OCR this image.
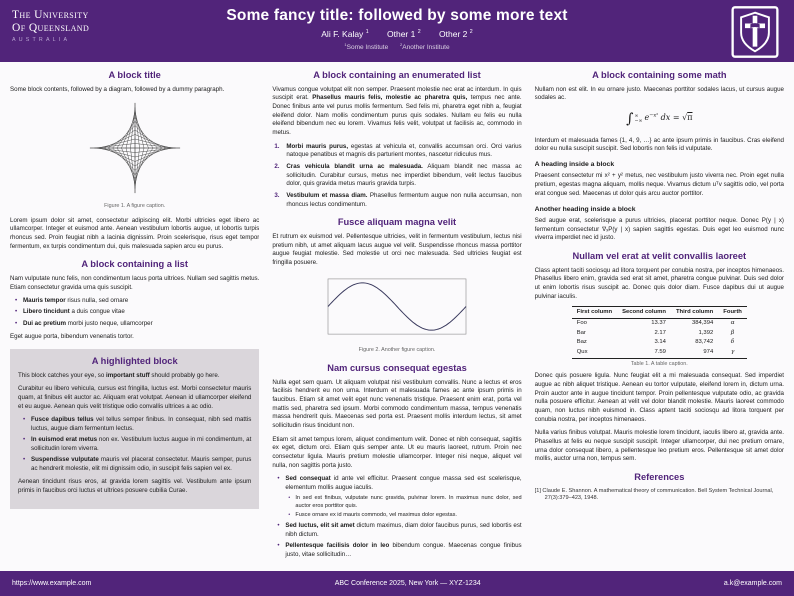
The University
Of Queensland
AUSTRALIA
Some fancy title: followed by some more text
Ali F. Kalay $^1$ Other 1 $^2$ Other 2 $^2$
$^1$Some Institute	$^2$Another Institute
A block title

Some block contents, followed by a diagram, followed by a dummy paragraph.

Figure 1. A figure caption.

Lorem ipsum dolor sit amet, consectetur adipiscing elit. Morbi ultricies eget libero ac ullamcorper. Integer et euismod ante. Aenean vestibulum lobortis augue, ut lobortis turpis rhoncus sed. Proin feugiat nibh a lacinia dignissim. Proin scelerisque, risus eget tempor fermentum, ex turpis condimentum dui, quis malesuada sapien arcu eu purus.

A block containing a list

Nam vulputate nunc felis, non condimentum lacus porta ultrices. Nullam sed sagittis metus. Etiam consectetur gravida urna quis suscipit.

• Mauris tempor risus nulla, sed ornare
• Libero tincidunt a duis congue vitae
• Dui ac pretium morbi justo neque, ullamcorper

Eget augue porta, bibendum venenatis tortor.

A highlighted block

This block catches your eye, so important stuff should probably go here.

Curabitur eu libero vehicula, cursus est fringilla, luctus est. Morbi consectetur mauris quam, at finibus elit auctor ac. Aliquam erat volutpat. Aenean id ullamcorper eleifend et eu augue. Aenean quis velit tristique odio convallis ultrices a ac odio.

• Fusce dapibus tellus vel tellus semper finibus. In consequat, nibh sed mattis luctus, augue diam fermentum lectus.
• In euismod erat metus non ex. Vestibulum luctus augue in mi condimentum, at sollicitudin lorem viverra.
• Suspendisse vulputate mauris vel placerat consectetur. Mauris semper, purus ac hendrerit molestie, elit mi dignissim odio, in suscipit felis sapien vel ex.

Aenean tincidunt risus eros, at gravida lorem sagittis vel. Vestibulum ante ipsum primis in faucibus orci luctus et ultrices posuere cubilia Curae.

A block containing an enumerated list

Vivamus congue volutpat elit non semper. Praesent molestie nec erat ac interdum. In quis suscipit erat. Phasellus mauris felis, molestie ac pharetra quis, tempus nec ante. Donec finibus ante vel purus mollis fermentum. Sed felis mi, pharetra eget nibh a, feugiat eleifend dolor. Nam mollis condimentum purus quis sodales. Nullam eu felis eu nulla eleifend bibendum nec eu lorem. Vivamus felis velit, volutpat ut facilisis ac, commodo in metus.

Morbi mauris purus, egestas at vehicula et, convallis accumsan orci. Orci varius natoque penatibus et magnis dis parturient montes, nascetur ridiculus mus.
Cras vehicula blandit urna ac malesuada. Aliquam blandit nec massa ac sollicitudin. Curabitur cursus, metus nec imperdiet bibendum, velit lectus faucibus dolor, quis gravida metus mauris gravida turpis.
Vestibulum et massa diam. Phasellus fermentum augue non nulla accumsan, non rhoncus lectus condimentum.
Fusce aliquam magna velit

Et rutrum ex euismod vel. Pellentesque ultricies, velit in fermentum vestibulum, lectus nisi pretium nibh, ut amet aliquam lacus augue vel velit. Suspendisse rhoncus massa porttitor augue feugiat molestie. Sed molestie ut orci nec malesuada. Sed ultricies feugiat est fringilla posuere.

Figure 2. Another figure caption.
Nam cursus consequat egestas

Nulla eget sem quam. Ut aliquam volutpat nisi vestibulum convallis. Nunc a lectus et eros facilisis hendrerit eu non urna. Interdum et malesuada fames ac ante ipsum primis in faucibus. Etiam sit amet velit eget nunc venenatis tristique. Praesent enim erat, porta vel mattis sed, pharetra sed ipsum. Morbi commodo condimentum massa, tempus venenatis massa hendrerit quis. Maecenas sed porta est. Praesent mollis interdum lectus, sit amet sollicitudin risus tincidunt non.

Etiam sit amet tempus lorem, aliquet condimentum velit. Donec et nibh consequat, sagittis ex eget, dictum orci. Etiam quis semper ante. Ut eu mauris laoreet, rutrum. Proin nec consectetur ligula. Mauris pretium molestie ullamcorper. Integer nisi neque, aliquet vel nulla, non sagittis porta justo.

• Sed consequat id ante vel efficitur. Praesent congue massa sed est scelerisque, elementum mollis augue iaculis.
• In sed est finibus, vulputate nunc gravida, pulvinar lorem. In maximus nunc dolor, sed auctor eros porttitor quis.
• Fusce ornare ex id mauris commodo, vel maximus dolor egestas.
• Sed luctus, elit sit amet dictum maximus, diam dolor faucibus purus, sed lobortis est nibh dictum.
• Pellentesque facilisis dolor in leo bibendum congue. Maecenas congue finibus justo, vitae sollicitudin…
A block containing some math

Nullam non est elit. In eu ornare justo. Maecenas porttitor sodales lacus, ut cursus augue sodales ac.

∫ ∞
−∞ $e^{-x^2}$ dx = √π

Interdum et malesuada fames {1, 4, 9, …} ac ante ipsum primis in faucibus. Cras eleifend dolor eu nulla suscipit suscipit. Sed lobortis non felis id vulputate.

A heading inside a block

Praesent consectetur mi x² + y² metus, nec vestibulum justo viverra nec. Proin eget nulla pretium, egestas magna aliquam, mollis neque. Vivamus dictum uᵀv sagittis odio, vel porta erat congue sed. Maecenas ut dolor quis arcu auctor porttitor.

Another heading inside a block

Sed augue erat, scelerisque a purus ultricies, placerat porttitor neque. Donec P(y | x) fermentum consectetur ∇ₓP(y | x) sapien sagittis egestas. Duis eget leo euismod nunc viverra imperdiet nec id justo.

Nullam vel erat at velit convallis laoreet

Class aptent taciti sociosqu ad litora torquent per conubia nostra, per inceptos himenaeos. Phasellus libero enim, gravida sed erat sit amet, pharetra congue pulvinar. Duis sed dolor ut enim lobortis risus suscipit ac. Donec quis dolor diam. Fusce dapibus dui ut augue pulvinar iaculis.

First column	Second column	Third column	Fourth
Foo	13.37	384,394	α
Bar	2.17	1,392	β
Baz	3.14	83,742	δ
Qux	7.59	974	γ
Table 1. A table caption.

Donec quis posuere ligula. Nunc feugiat elit a mi malesuada consequat. Sed imperdiet augue ac nibh aliquet tristique. Aenean eu tortor vulputate, eleifend lorem in, dictum urna. Proin auctor ante in augue tincidunt tempor. Proin pellentesque vulputate odio, ac gravida nulla posuere efficitur. Aenean at velit vel dolor blandit molestie. Mauris laoreet commodo quam, non luctus nibh euismod in. Class aptent taciti sociosqu ad litora torquent per conubia nostra, per inceptos himenaeos.

Nulla varius finibus volutpat. Mauris molestie lorem tincidunt, iaculis libero at, gravida ante. Phasellus at felis eu neque suscipit suscipit. Integer ullamcorper, dui nec pretium ornare, urna dolor consequat libero, a pellentesque leo pretium eros. Pellentesque sit amet dolor mollis, auctor urna non, tempus sem.

References
[1] Claude E. Shannon. A mathematical theory of communication. Bell System Technical Journal, 27(3):379–423, 1948.
https://www.example.com	ABC Conference 2025, New York — XYZ-1234	a.k@example.com
